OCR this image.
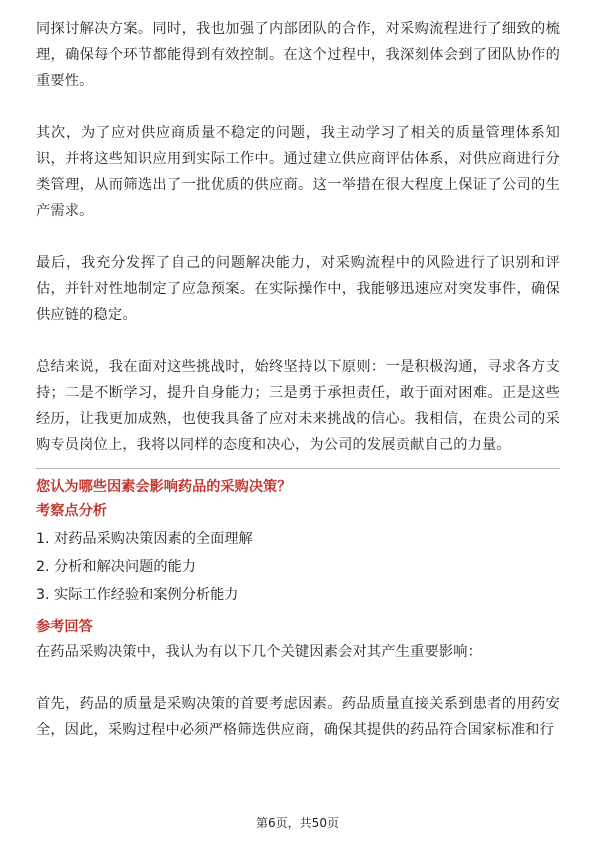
同探讨解决方案。同时，我也加强了内部团队的合作，对采购流程进行了细致的梳理，确保每个环节都能得到有效控制。在这个过程中，我深刻体会到了团队协作的重要性。

其次，为了应对供应商质量不稳定的问题，我主动学习了相关的质量管理体系知识，并将这些知识应用到实际工作中。通过建立供应商评估体系，对供应商进行分类管理，从而筛选出了一批优质的供应商。这一举措在很大程度上保证了公司的生产需求。

最后，我充分发挥了自己的问题解决能力，对采购流程中的风险进行了识别和评估，并针对性地制定了应急预案。在实际操作中，我能够迅速应对突发事件，确保供应链的稳定。

总结来说，我在面对这些挑战时，始终坚持以下原则：一是积极沟通，寻求各方支持；二是不断学习，提升自身能力；三是勇于承担责任，敢于面对困难。正是这些经历，让我更加成熟，也使我具备了应对未来挑战的信心。我相信，在贵公司的采购专员岗位上，我将以同样的态度和决心，为公司的发展贡献自己的力量。

您认为哪些因素会影响药品的采购决策？
考察点分析
1. 对药品采购决策因素的全面理解
2. 分析和解决问题的能力
3. 实际工作经验和案例分析能力
参考回答

在药品采购决策中，我认为有以下几个关键因素会对其产生重要影响：

首先，药品的质量是采购决策的首要考虑因素。药品质量直接关系到患者的用药安全，因此，采购过程中必须严格筛选供应商，确保其提供的药品符合国家标准和行

第6页，共50页
